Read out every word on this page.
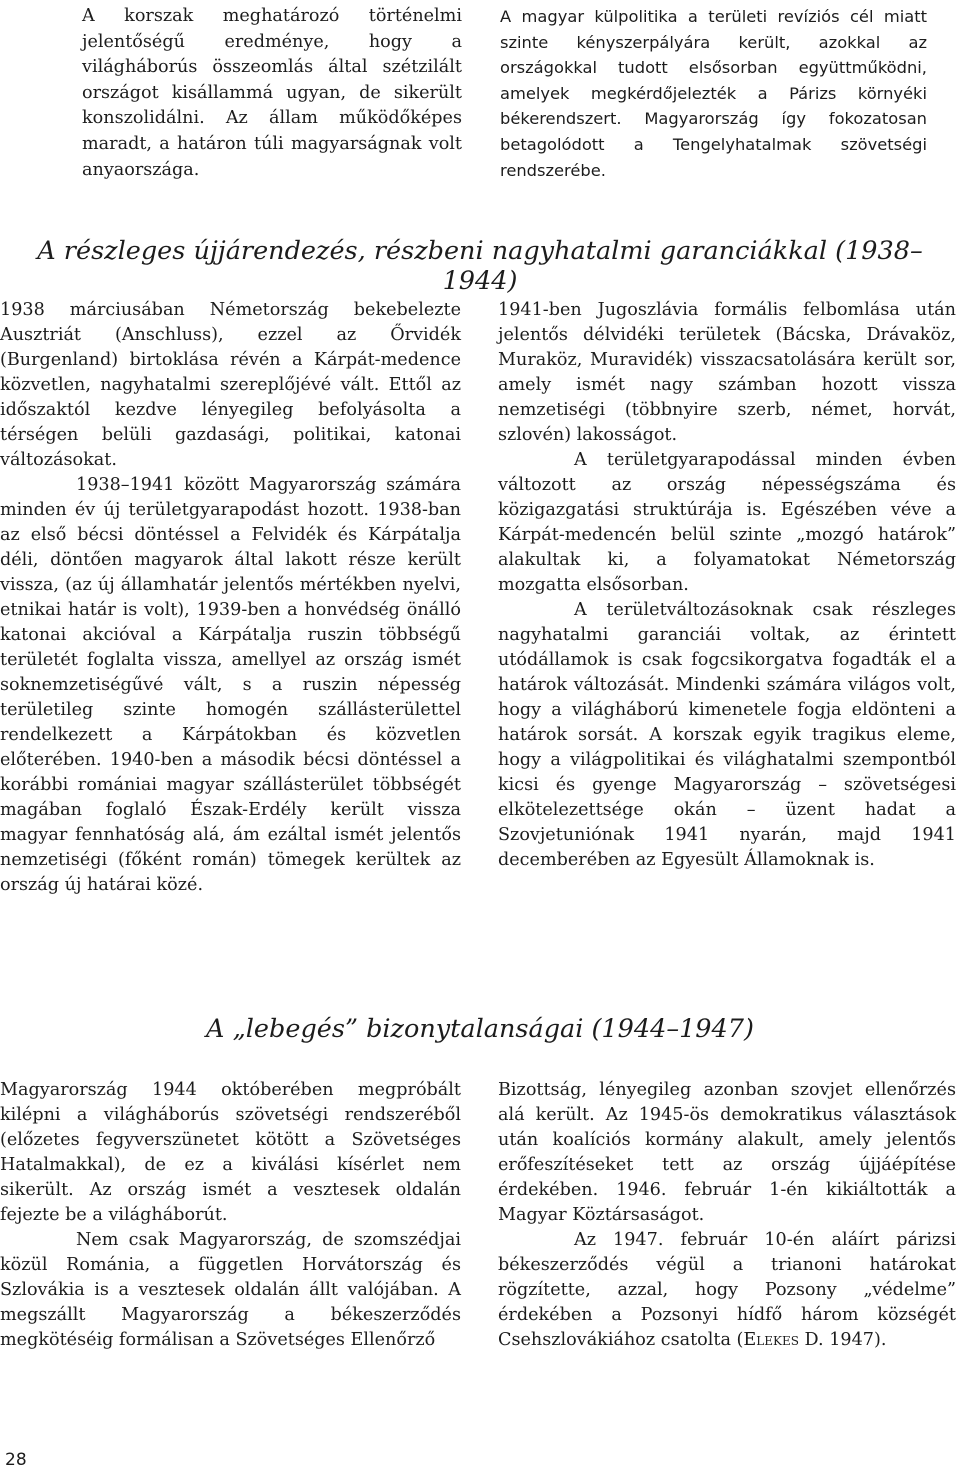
A korszak meghatározó történelmi jelentőségű eredménye, hogy a világháborús összeomlás által szétzilált országot kisállammá ugyan, de sikerült konszolidálni. Az állam működőképes maradt, a határon túli magyarságnak volt anyaországa.

A magyar külpolitika a területi revíziós cél miatt szinte kényszerpályára került, azokkal az országokkal tudott elsősorban együttműködni, amelyek megkérdőjelezték a Párizs környéki békerendszert. Magyarország így fokozatosan betagolódott a Tengelyhatalmak szövetségi rendszerébe.

A részleges újjárendezés, részbeni nagyhatalmi garanciákkal (1938–1944)

1938 márciusában Németország bekebelezte Ausztriát (Anschluss), ezzel az Őrvidék (Burgenland) birtoklása révén a Kárpát-medence közvetlen, nagyhatalmi szereplőjévé vált. Ettől az időszaktól kezdve lényegileg befolyásolta a térségen belüli gazdasági, politikai, katonai változásokat.

1938–1941 között Magyarország számára minden év új területgyarapodást hozott. 1938-ban az első bécsi döntéssel a Felvidék és Kárpátalja déli, döntően magyarok által lakott része került vissza, (az új államhatár jelentős mértékben nyelvi, etnikai határ is volt), 1939-ben a honvédség önálló katonai akcióval a Kárpátalja ruszin többségű területét foglalta vissza, amellyel az ország ismét soknemzetiségűvé vált, s a ruszin népesség területileg szinte homogén szállásterülettel rendelkezett a Kárpátokban és közvetlen előterében. 1940-ben a második bécsi döntéssel a korábbi romániai magyar szállásterület többségét magában foglaló Észak-Erdély került vissza magyar fennhatóság alá, ám ezáltal ismét jelentős nemzetiségi (főként román) tömegek kerültek az ország új határai közé.

1941-ben Jugoszlávia formális felbomlása után jelentős délvidéki területek (Bácska, Drávaköz, Muraköz, Muravidék) visszacsatolására került sor, amely ismét nagy számban hozott vissza nemzetiségi (többnyire szerb, német, horvát, szlovén) lakosságot.

A területgyarapodással minden évben változott az ország népességszáma és közigazgatási struktúrája is. Egészében véve a Kárpát-medencén belül szinte „mozgó határok” alakultak ki, a folyamatokat Németország mozgatta elsősorban.

A területváltozásoknak csak részleges nagyhatalmi garanciái voltak, az érintett utódállamok is csak fogcsikorgatva fogadták el a határok változását. Mindenki számára világos volt, hogy a világháború kimenetele fogja eldönteni a határok sorsát. A korszak egyik tragikus eleme, hogy a világpolitikai és világhatalmi szempontból kicsi és gyenge Magyarország – szövetségesi elkötelezettsége okán – üzent hadat a Szovjetuniónak 1941 nyarán, majd 1941 decemberében az Egyesült Államoknak is.

A „lebegés” bizonytalanságai (1944–1947)

Magyarország 1944 októberében megpróbált kilépni a világháborús szövetségi rendszeréből (előzetes fegyverszünetet kötött a Szövetséges Hatalmakkal), de ez a kiválási kísérlet nem sikerült. Az ország ismét a vesztesek oldalán fejezte be a világháborút.

Nem csak Magyarország, de szomszédjai közül Románia, a független Horvátország és Szlovákia is a vesztesek oldalán állt valójában. A megszállt Magyarország a békeszerződés megkötéséig formálisan a Szövetséges Ellenőrző

Bizottság, lényegileg azonban szovjet ellenőrzés alá került. Az 1945-ös demokratikus választások után koalíciós kormány alakult, amely jelentős erőfeszítéseket tett az ország újjáépítése érdekében. 1946. február 1-én kikiáltották a Magyar Köztársaságot.

Az 1947. február 10-én aláírt párizsi békeszerződés végül a trianoni határokat rögzítette, azzal, hogy Pozsony „védelme” érdekében a Pozsonyi hídfő három községét Csehszlovákiához csatolta (Elekes D. 1947).

28
